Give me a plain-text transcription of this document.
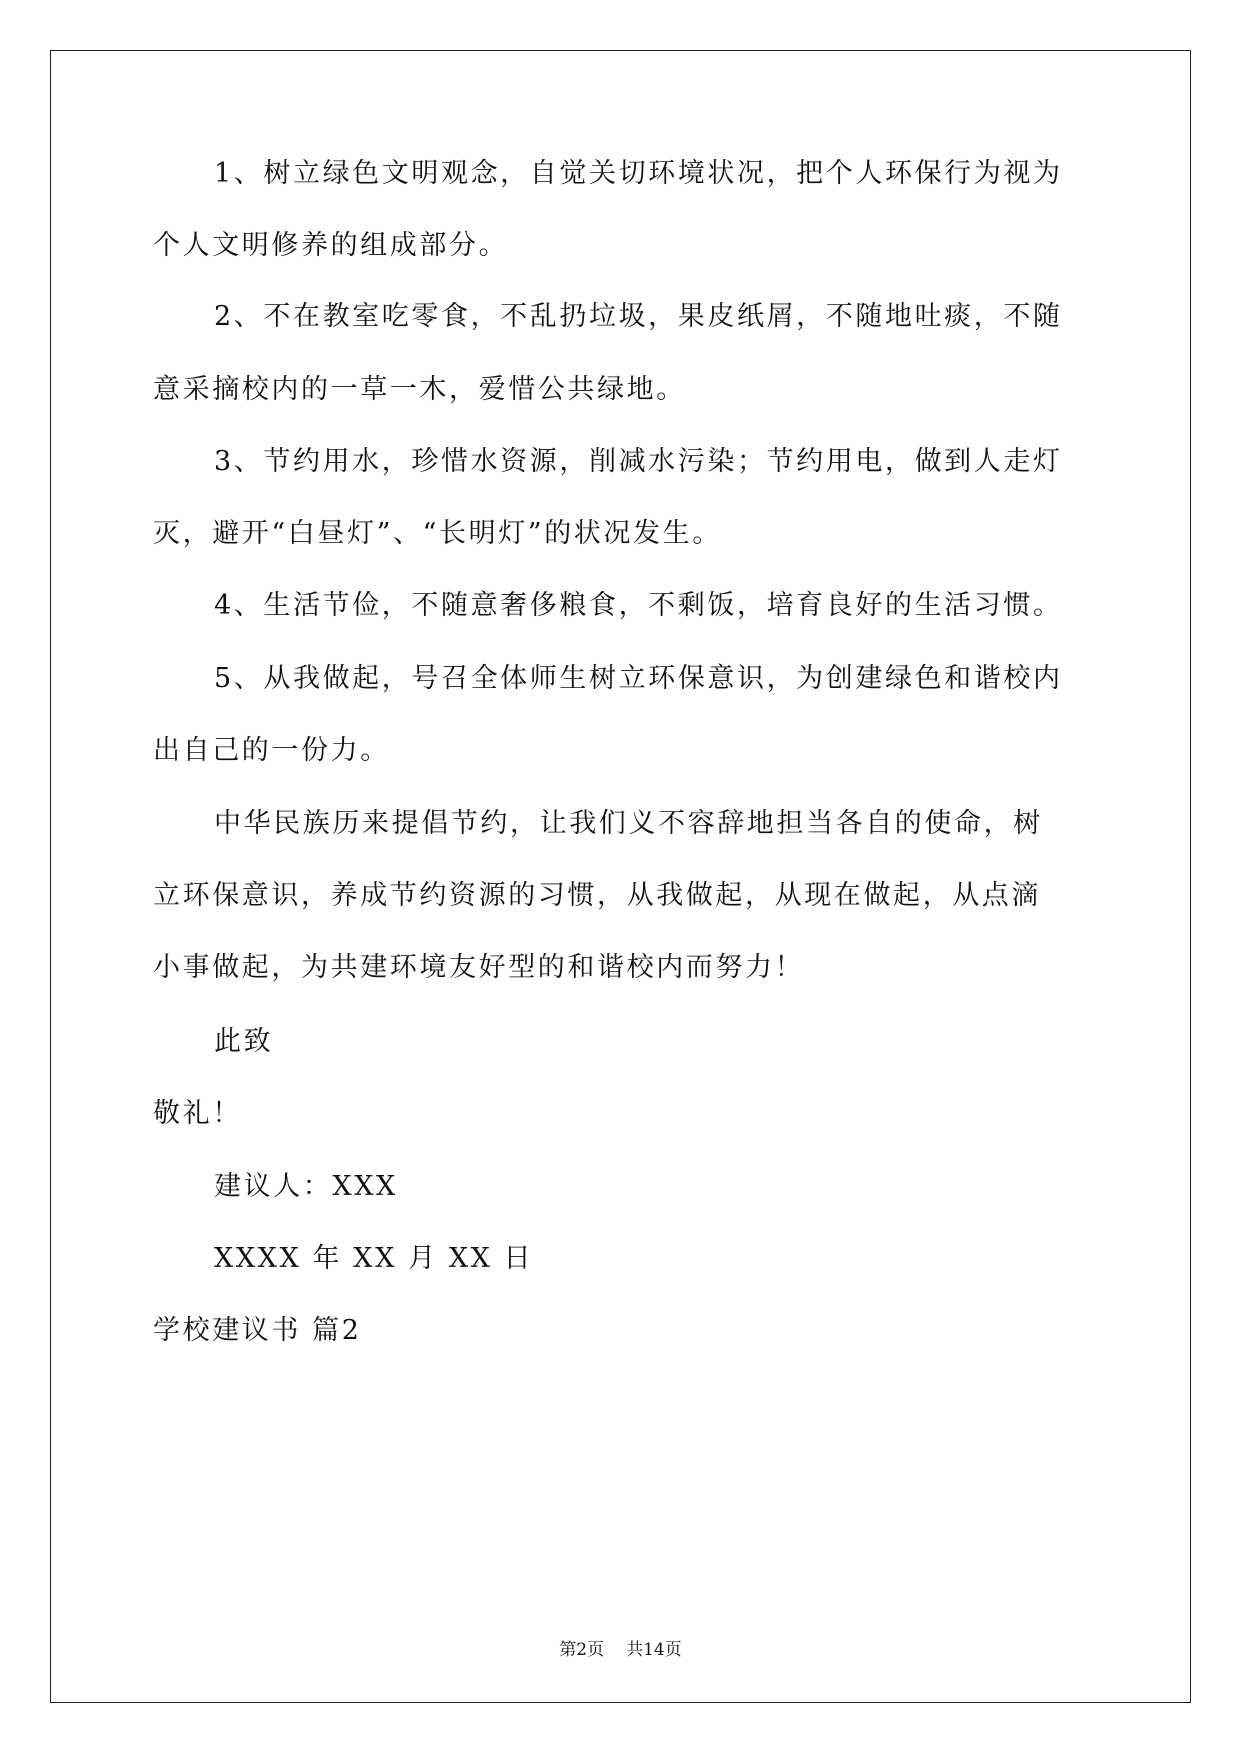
1、树立绿色文明观念，自觉关切环境状况，把个人环保行为视为
个人文明修养的组成部分。
2、不在教室吃零食，不乱扔垃圾，果皮纸屑，不随地吐痰，不随
意采摘校内的一草一木，爱惜公共绿地。
3、节约用水，珍惜水资源，削减水污染；节约用电，做到人走灯
灭，避开“白昼灯”、“长明灯”的状况发生。
4、生活节俭，不随意奢侈粮食，不剩饭，培育良好的生活习惯。
5、从我做起，号召全体师生树立环保意识，为创建绿色和谐校内
出自己的一份力。
中华民族历来提倡节约，让我们义不容辞地担当各自的使命，树
立环保意识，养成节约资源的习惯，从我做起，从现在做起，从点滴
小事做起，为共建环境友好型的和谐校内而努力！
此致
敬礼！
建议人：XXX
XXXX 年 XX 月 XX 日
学校建议书 篇2
第2页 共14页
